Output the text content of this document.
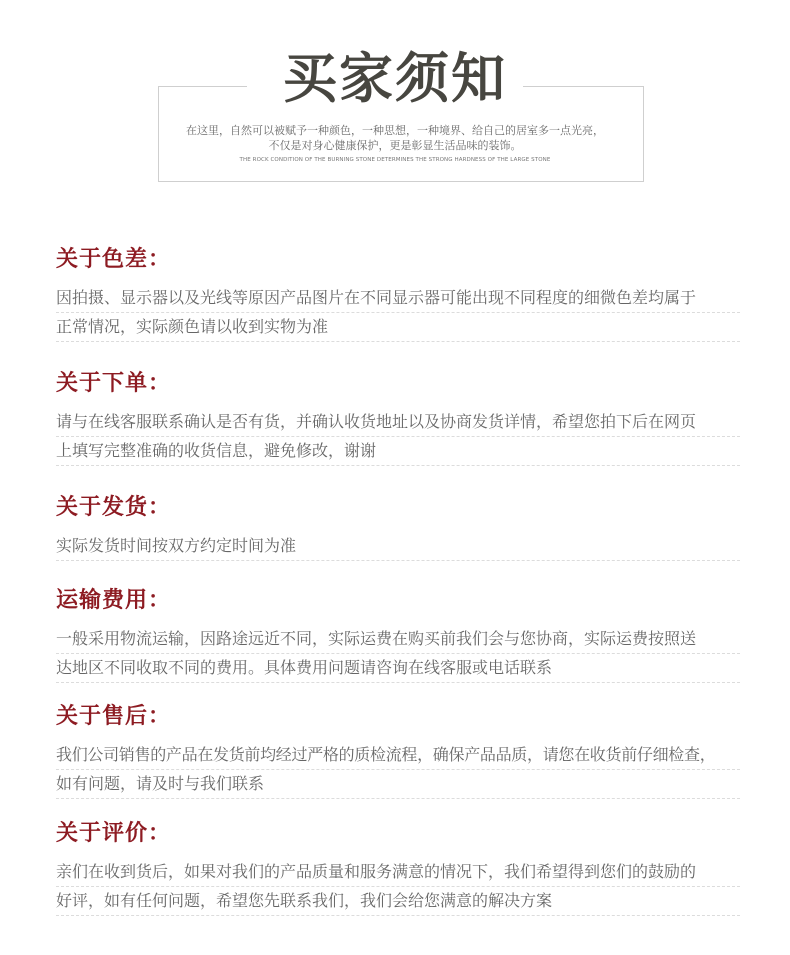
买家须知
在这里，自然可以被赋予一种颜色，一种思想，一种境界、给自己的居室多一点光亮，
不仅是对身心健康保护，更是彰显生活品味的装饰。
THE ROCK CONDITION OF THE BURNING STONE DETERMINES THE STRONG HARDNESS OF THE LARGE STONE
关于色差：
因拍摄、显示器以及光线等原因产品图片在不同显示器可能出现不同程度的细微色差均属于
正常情况，实际颜色请以收到实物为准
关于下单：
请与在线客服联系确认是否有货，并确认收货地址以及协商发货详情，希望您拍下后在网页
上填写完整准确的收货信息，避免修改，谢谢
关于发货：
实际发货时间按双方约定时间为准
运输费用：
一般采用物流运输，因路途远近不同，实际运费在购买前我们会与您协商，实际运费按照送
达地区不同收取不同的费用。具体费用问题请咨询在线客服或电话联系
关于售后：
我们公司销售的产品在发货前均经过严格的质检流程，确保产品品质，请您在收货前仔细检查，
如有问题，请及时与我们联系
关于评价：
亲们在收到货后，如果对我们的产品质量和服务满意的情况下，我们希望得到您们的鼓励的
好评，如有任何问题，希望您先联系我们，我们会给您满意的解决方案
